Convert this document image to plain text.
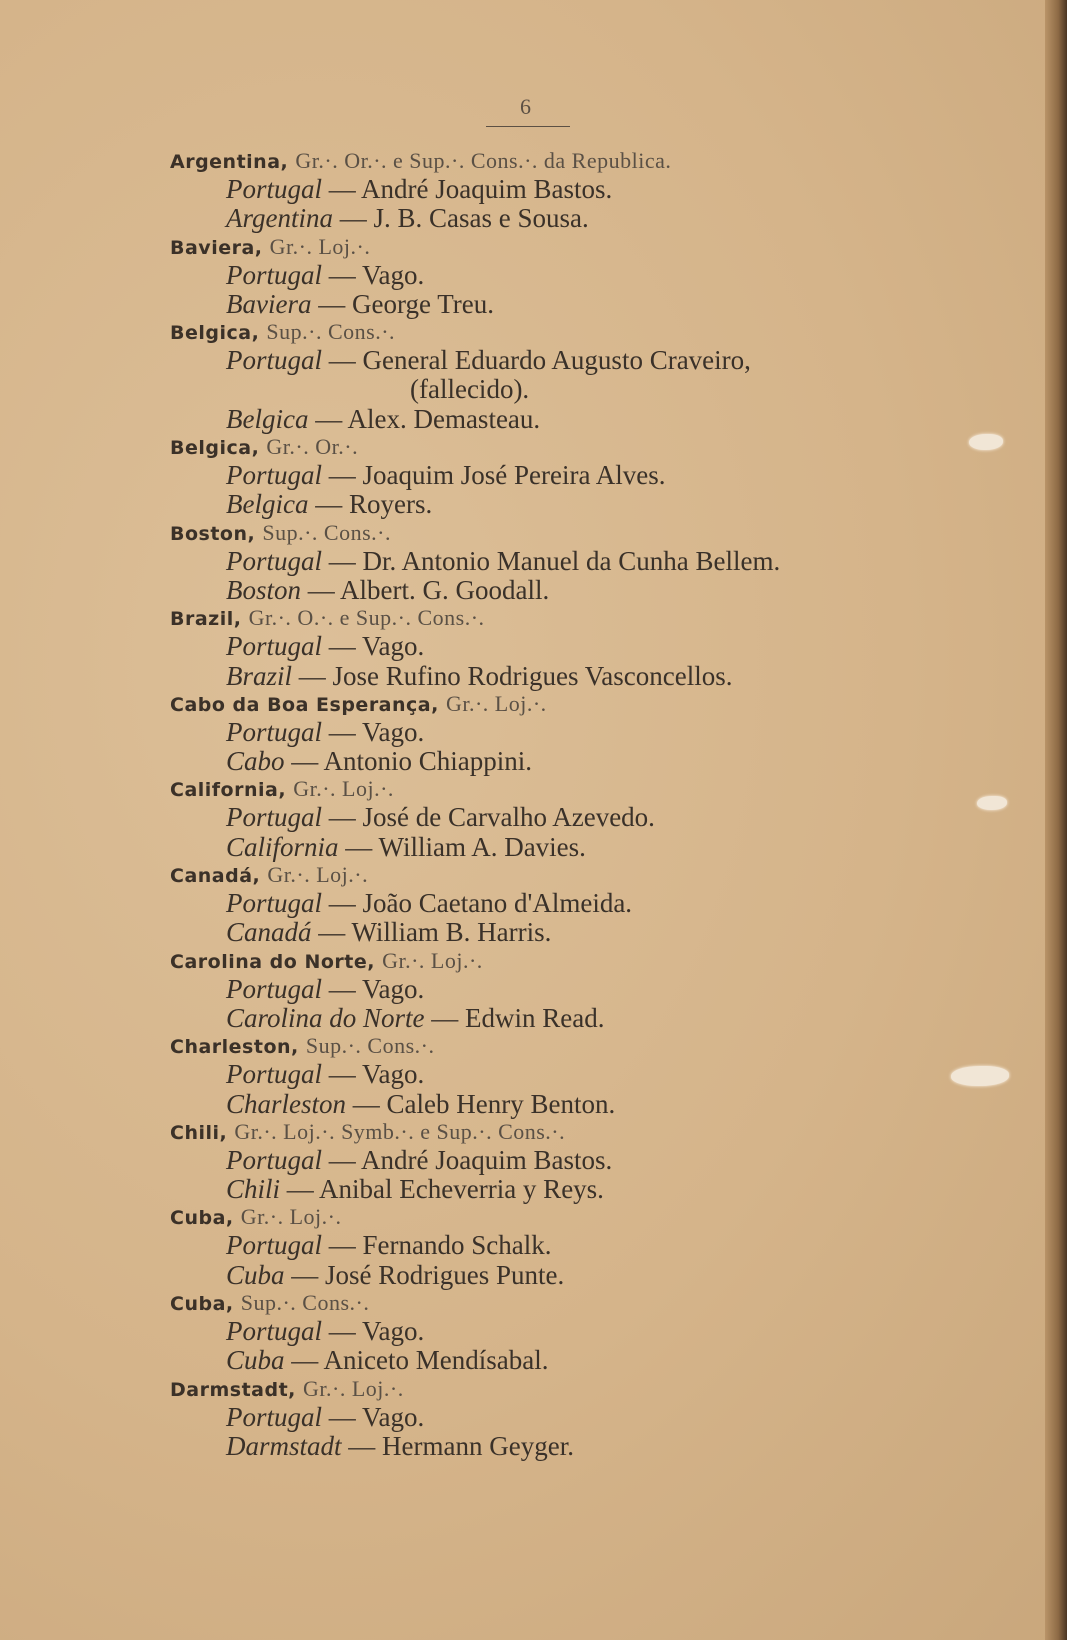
6
Argentina, Gr.·. Or.·. e Sup.·. Cons.·. da Republica.
Portugal — André Joaquim Bastos.
Argentina — J. B. Casas e Sousa.
Baviera, Gr.·. Loj.·.
Portugal — Vago.
Baviera — George Treu.
Belgica, Sup.·. Cons.·.
Portugal — General Eduardo Augusto Craveiro,
(fallecido).
Belgica — Alex. Demasteau.
Belgica, Gr.·. Or.·.
Portugal — Joaquim José Pereira Alves.
Belgica — Royers.
Boston, Sup.·. Cons.·.
Portugal — Dr. Antonio Manuel da Cunha Bellem.
Boston — Albert. G. Goodall.
Brazil, Gr.·. O.·. e Sup.·. Cons.·.
Portugal — Vago.
Brazil — Jose Rufino Rodrigues Vasconcellos.
Cabo da Boa Esperança, Gr.·. Loj.·.
Portugal — Vago.
Cabo — Antonio Chiappini.
California, Gr.·. Loj.·.
Portugal — José de Carvalho Azevedo.
California — William A. Davies.
Canadá, Gr.·. Loj.·.
Portugal — João Caetano d'Almeida.
Canadá — William B. Harris.
Carolina do Norte, Gr.·. Loj.·.
Portugal — Vago.
Carolina do Norte — Edwin Read.
Charleston, Sup.·. Cons.·.
Portugal — Vago.
Charleston — Caleb Henry Benton.
Chili, Gr.·. Loj.·. Symb.·. e Sup.·. Cons.·.
Portugal — André Joaquim Bastos.
Chili — Anibal Echeverria y Reys.
Cuba, Gr.·. Loj.·.
Portugal — Fernando Schalk.
Cuba — José Rodrigues Punte.
Cuba, Sup.·. Cons.·.
Portugal — Vago.
Cuba — Aniceto Mendísabal.
Darmstadt, Gr.·. Loj.·.
Portugal — Vago.
Darmstadt — Hermann Geyger.
